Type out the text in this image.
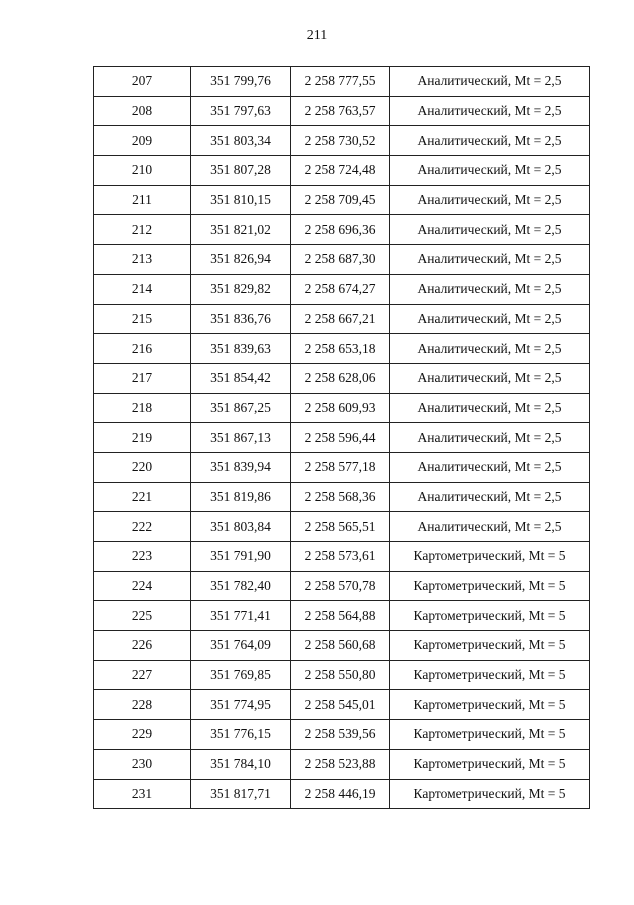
211
207	351 799,76	2 258 777,55	Аналитический, Mt = 2,5
208	351 797,63	2 258 763,57	Аналитический, Mt = 2,5
209	351 803,34	2 258 730,52	Аналитический, Mt = 2,5
210	351 807,28	2 258 724,48	Аналитический, Mt = 2,5
211	351 810,15	2 258 709,45	Аналитический, Mt = 2,5
212	351 821,02	2 258 696,36	Аналитический, Mt = 2,5
213	351 826,94	2 258 687,30	Аналитический, Mt = 2,5
214	351 829,82	2 258 674,27	Аналитический, Mt = 2,5
215	351 836,76	2 258 667,21	Аналитический, Mt = 2,5
216	351 839,63	2 258 653,18	Аналитический, Mt = 2,5
217	351 854,42	2 258 628,06	Аналитический, Mt = 2,5
218	351 867,25	2 258 609,93	Аналитический, Mt = 2,5
219	351 867,13	2 258 596,44	Аналитический, Mt = 2,5
220	351 839,94	2 258 577,18	Аналитический, Mt = 2,5
221	351 819,86	2 258 568,36	Аналитический, Mt = 2,5
222	351 803,84	2 258 565,51	Аналитический, Mt = 2,5
223	351 791,90	2 258 573,61	Картометрический, Mt = 5
224	351 782,40	2 258 570,78	Картометрический, Mt = 5
225	351 771,41	2 258 564,88	Картометрический, Mt = 5
226	351 764,09	2 258 560,68	Картометрический, Mt = 5
227	351 769,85	2 258 550,80	Картометрический, Mt = 5
228	351 774,95	2 258 545,01	Картометрический, Mt = 5
229	351 776,15	2 258 539,56	Картометрический, Mt = 5
230	351 784,10	2 258 523,88	Картометрический, Mt = 5
231	351 817,71	2 258 446,19	Картометрический, Mt = 5
